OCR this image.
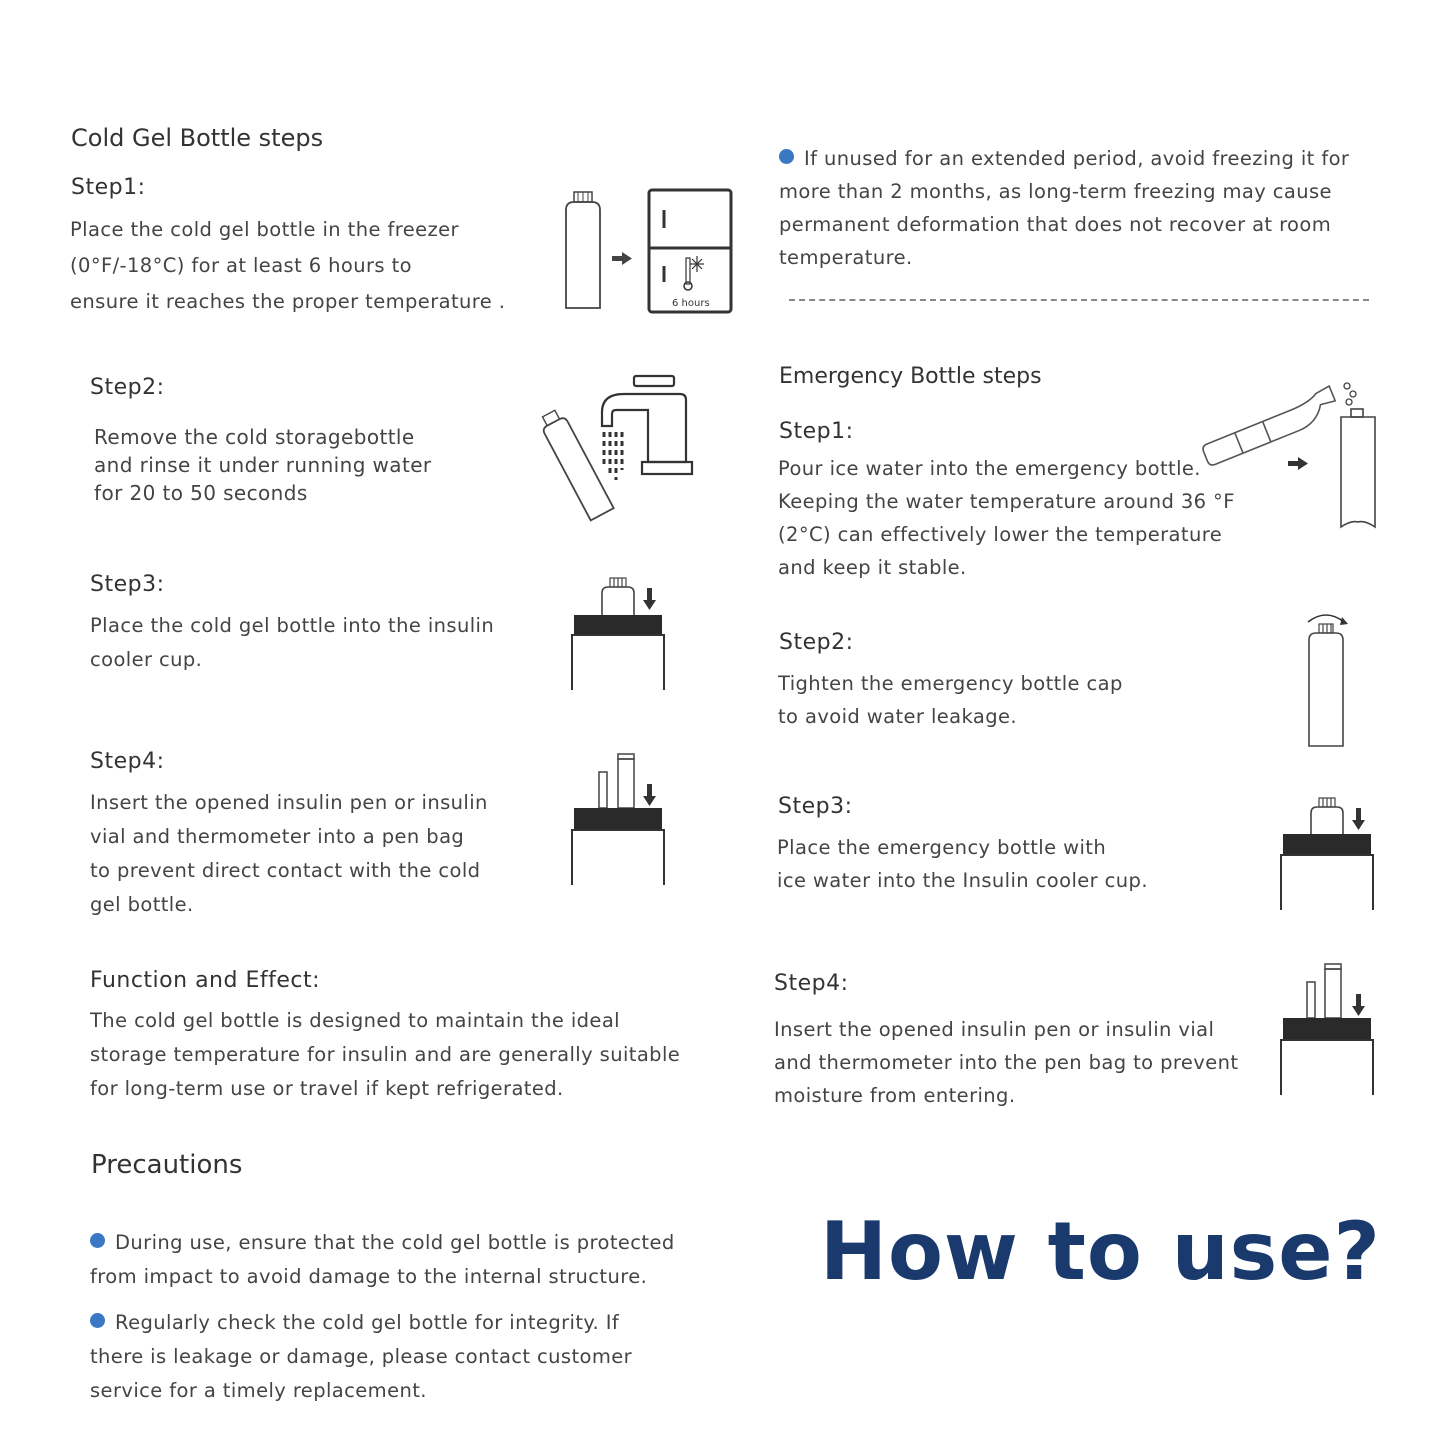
Cold Gel Bottle steps
Step1:
Place the cold gel bottle in the freezer
(0°F/-18°C) for at least 6 hours to
ensure it reaches the proper temperature .	6 hours
Step2:
Remove the cold storagebottle
and rinse it under running water
for 20 to 50 seconds
Step3:
Place the cold gel bottle into the insulin
cooler cup.
Step4:
Insert the opened insulin pen or insulin
vial and thermometer into a pen bag
to prevent direct contact with the cold
gel bottle.
Function and Effect:
The cold gel bottle is designed to maintain the ideal
storage temperature for insulin and are generally suitable
for long-term use or travel if kept refrigerated.
Precautions

During use, ensure that the cold gel bottle is protected
from impact to avoid damage to the internal structure.

Regularly check the cold gel bottle for integrity. If
there is leakage or damage, please contact customer
service for a timely replacement.

If unused for an extended period, avoid freezing it for
more than 2 months, as long-term freezing may cause
permanent deformation that does not recover at room
temperature.

Emergency Bottle steps
Step1:
Pour ice water into the emergency bottle.
Keeping the water temperature around 36 °F
(2°C) can effectively lower the temperature
and keep it stable.
Step2:
Tighten the emergency bottle cap
to avoid water leakage.
Step3:
Place the emergency bottle with
ice water into the Insulin cooler cup.
Step4:
Insert the opened insulin pen or insulin vial
and thermometer into the pen bag to prevent
moisture from entering.
How to use?
